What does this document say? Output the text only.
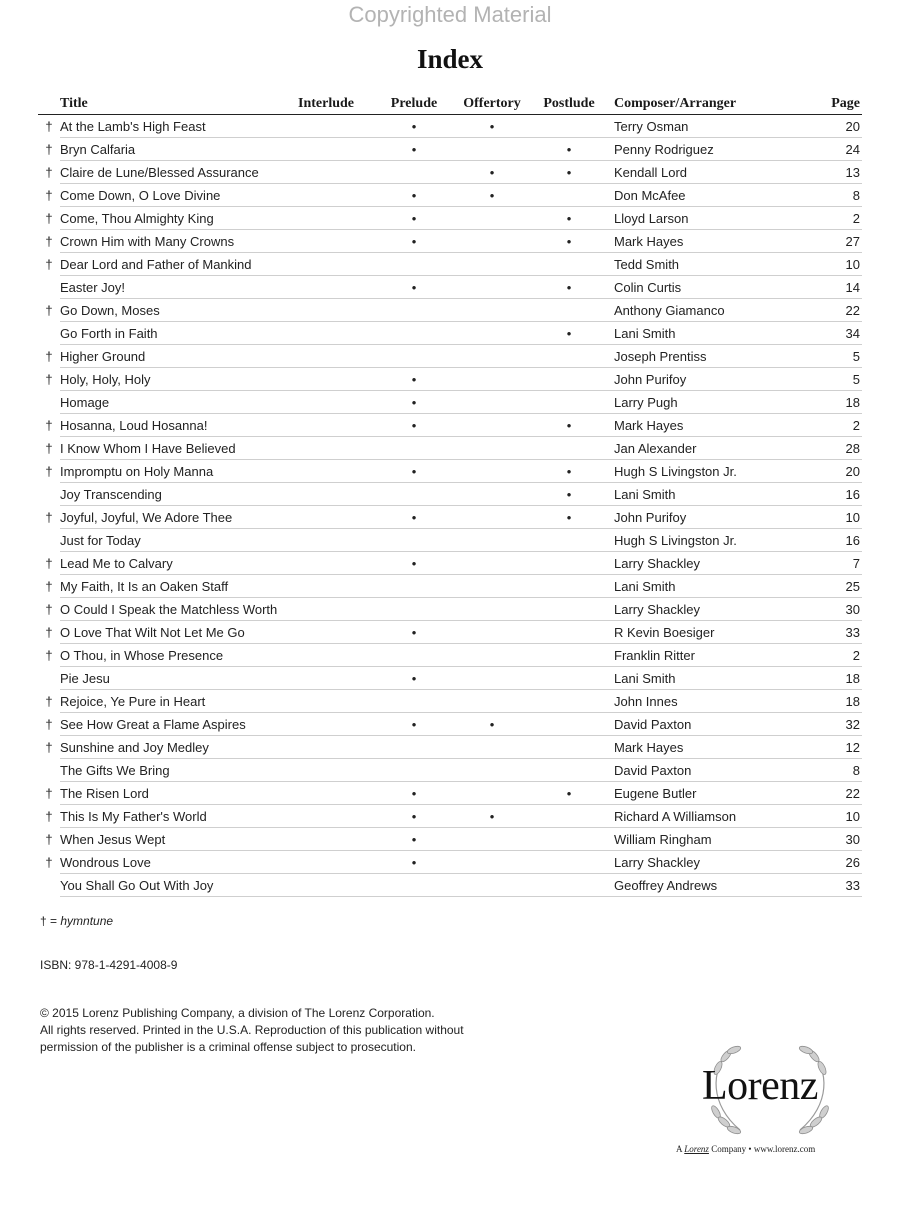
Copyrighted Material
Index
	Title	Interlude	Prelude	Offertory	Postlude	Composer/Arranger	Page
†	At the Lamb's High Feast		•	•		Terry Osman	20
†	Bryn Calfaria		•		•	Penny Rodriguez	24
†	Claire de Lune/Blessed Assurance			•	•	Kendall Lord	13
†	Come Down, O Love Divine		•	•		Don McAfee	8
†	Come, Thou Almighty King		•		•	Lloyd Larson	2
†	Crown Him with Many Crowns		•		•	Mark Hayes	27
†	Dear Lord and Father of Mankind					Tedd Smith	10
	Easter Joy!		•		•	Colin Curtis	14
†	Go Down, Moses					Anthony Giamanco	22
	Go Forth in Faith				•	Lani Smith	34
†	Higher Ground					Joseph Prentiss	5
†	Holy, Holy, Holy		•			John Purifoy	5
	Homage		•			Larry Pugh	18
†	Hosanna, Loud Hosanna!		•		•	Mark Hayes	2
†	I Know Whom I Have Believed					Jan Alexander	28
†	Impromptu on Holy Manna		•		•	Hugh S Livingston Jr.	20
	Joy Transcending				•	Lani Smith	16
†	Joyful, Joyful, We Adore Thee		•		•	John Purifoy	10
	Just for Today					Hugh S Livingston Jr.	16
†	Lead Me to Calvary		•			Larry Shackley	7
†	My Faith, It Is an Oaken Staff					Lani Smith	25
†	O Could I Speak the Matchless Worth					Larry Shackley	30
†	O Love That Wilt Not Let Me Go		•			R Kevin Boesiger	33
†	O Thou, in Whose Presence					Franklin Ritter	2
	Pie Jesu		•			Lani Smith	18
†	Rejoice, Ye Pure in Heart					John Innes	18
†	See How Great a Flame Aspires		•	•		David Paxton	32
†	Sunshine and Joy Medley					Mark Hayes	12
	The Gifts We Bring					David Paxton	8
†	The Risen Lord		•		•	Eugene Butler	22
†	This Is My Father's World		•	•		Richard A Williamson	10
†	When Jesus Wept		•			William Ringham	30
†	Wondrous Love		•			Larry Shackley	26
	You Shall Go Out With Joy					Geoffrey Andrews	33
† = hymntune
ISBN: 978-1-4291-4008-9
© 2015 Lorenz Publishing Company, a division of The Lorenz Corporation.
All rights reserved. Printed in the U.S.A. Reproduction of this publication without
permission of the publisher is a criminal offense subject to prosecution.
Lorenz
A Lorenz Company • www.lorenz.com
